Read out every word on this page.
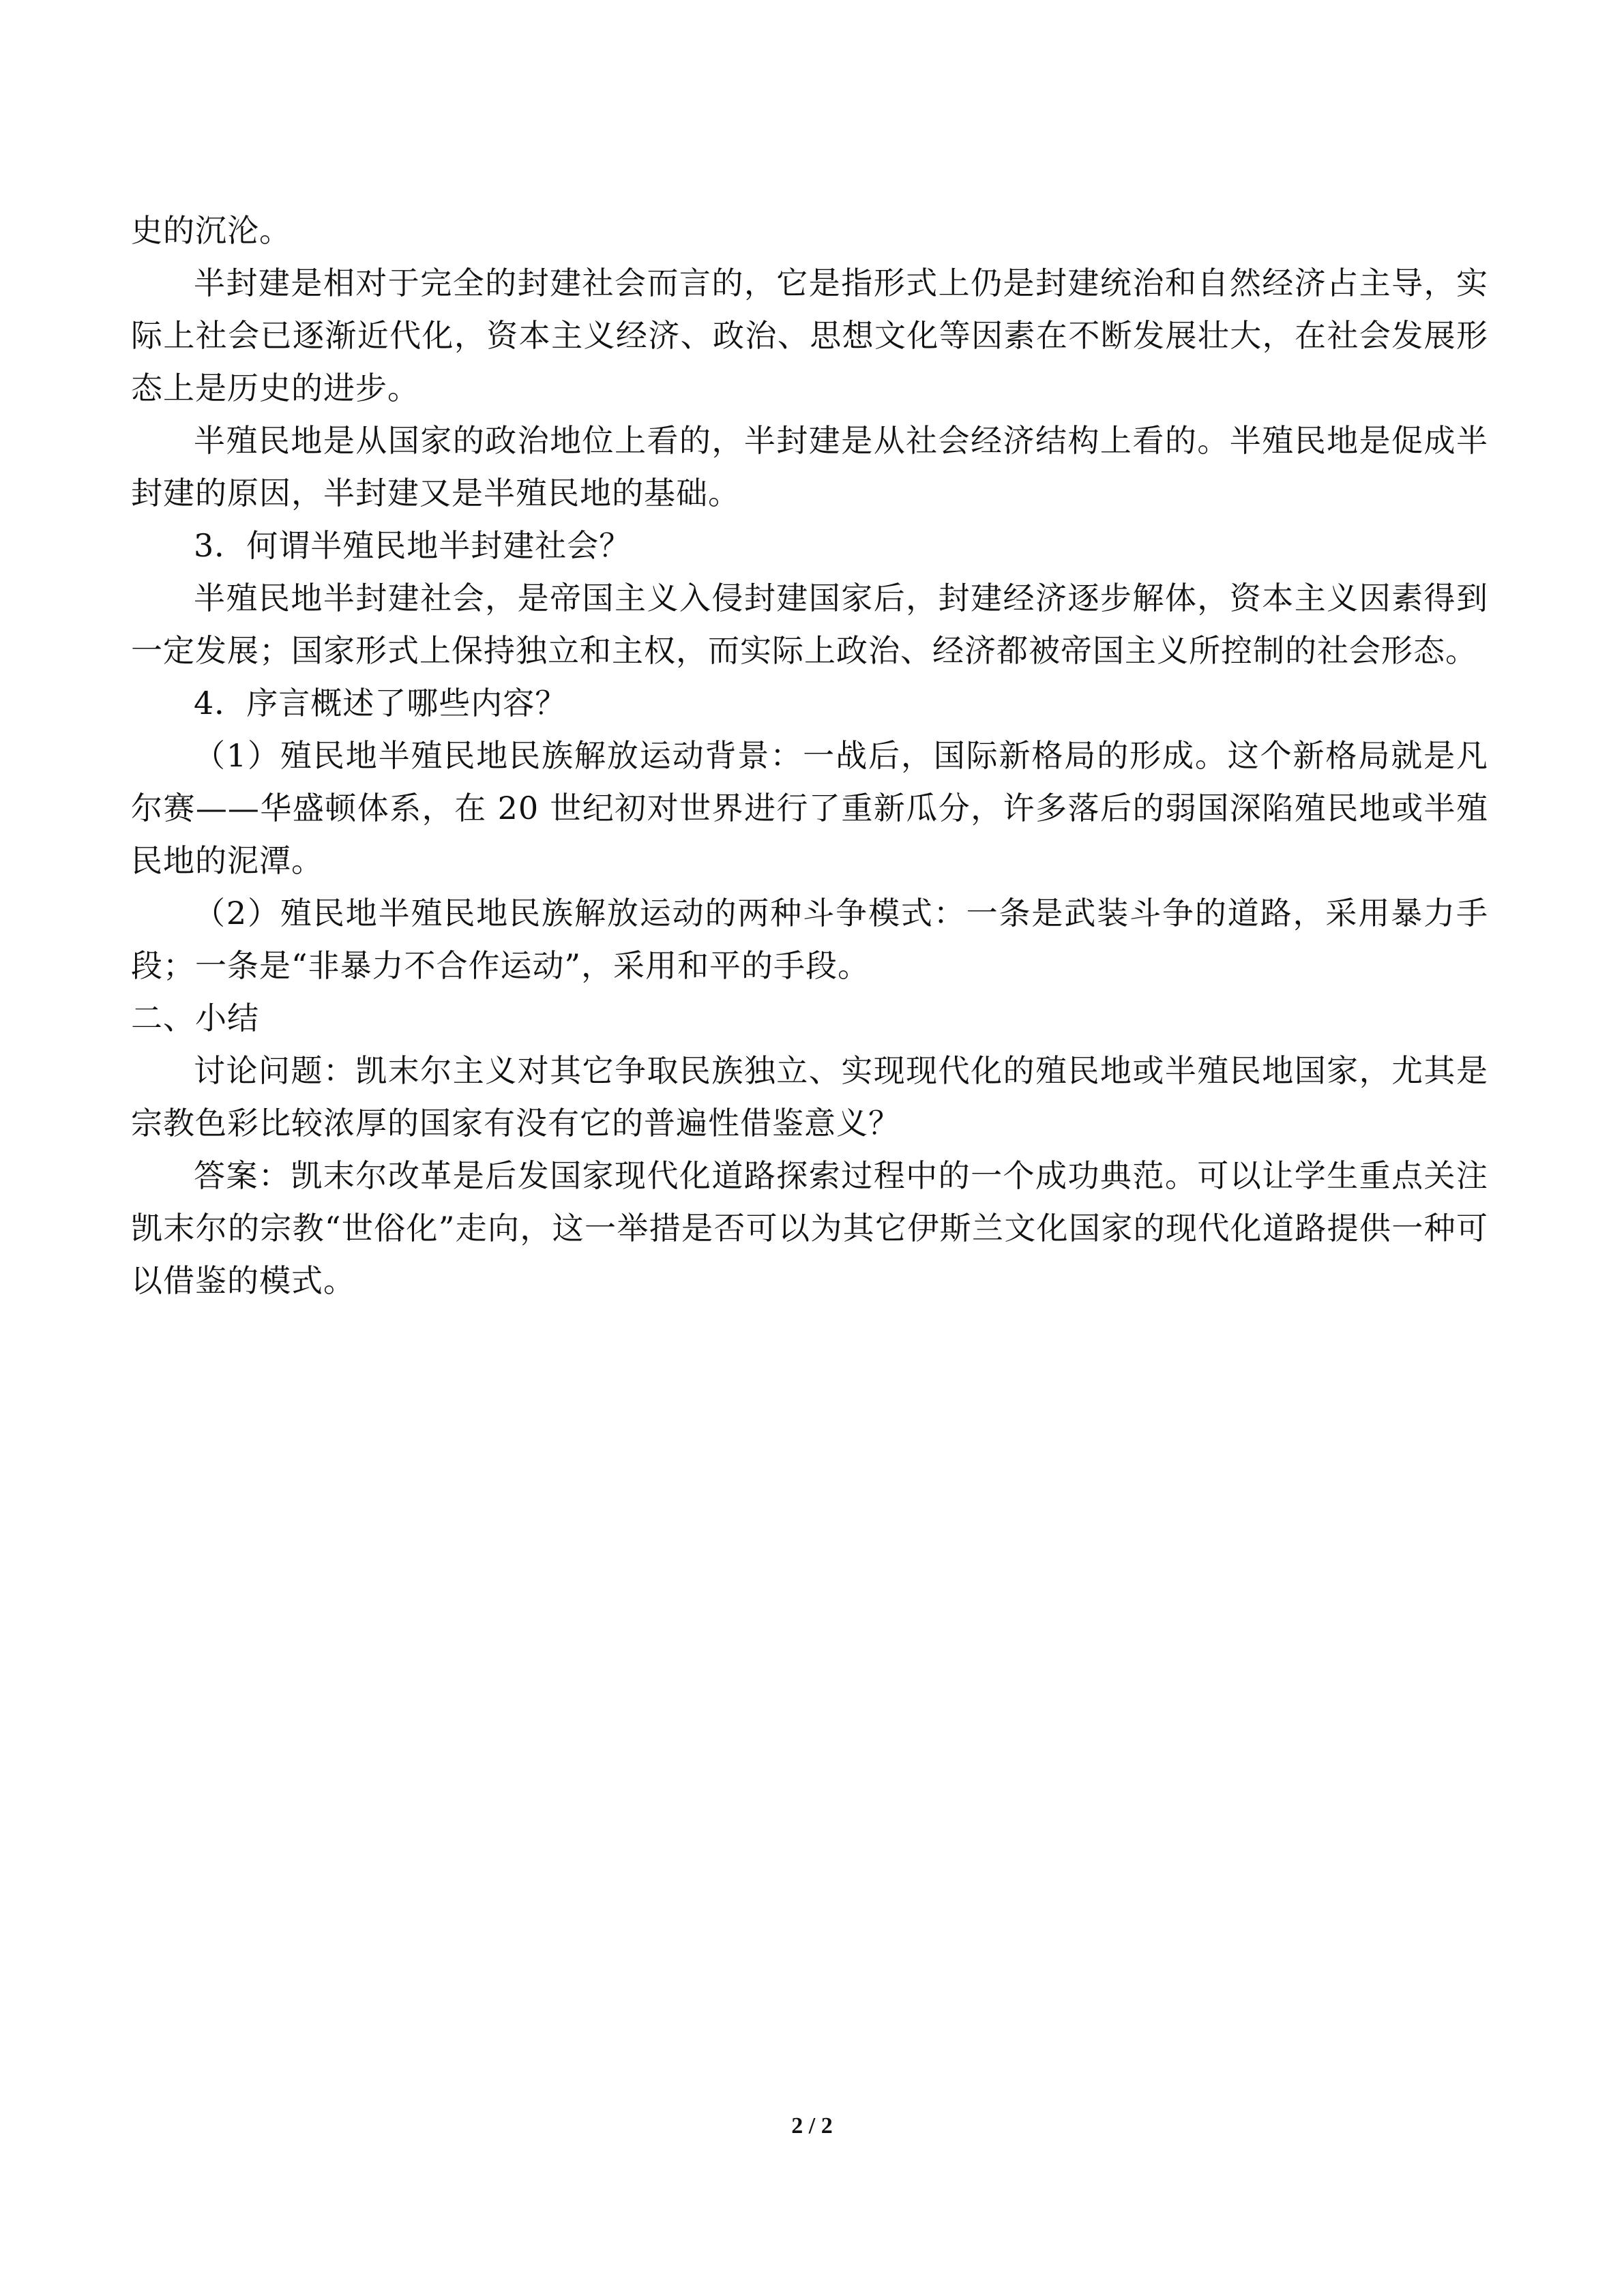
史的沉沦。

半封建是相对于完全的封建社会而言的，它是指形式上仍是封建统治和自然经济占主导，实际上社会已逐渐近代化，资本主义经济、政治、思想文化等因素在不断发展壮大，在社会发展形态上是历史的进步。

半殖民地是从国家的政治地位上看的，半封建是从社会经济结构上看的。半殖民地是促成半封建的原因，半封建又是半殖民地的基础。

3．何谓半殖民地半封建社会？

半殖民地半封建社会，是帝国主义入侵封建国家后，封建经济逐步解体，资本主义因素得到一定发展；国家形式上保持独立和主权，而实际上政治、经济都被帝国主义所控制的社会形态。

4．序言概述了哪些内容？

（1）殖民地半殖民地民族解放运动背景：一战后，国际新格局的形成。这个新格局就是凡尔赛——华盛顿体系，在 20 世纪初对世界进行了重新瓜分，许多落后的弱国深陷殖民地或半殖民地的泥潭。

（2）殖民地半殖民地民族解放运动的两种斗争模式：一条是武装斗争的道路，采用暴力手段；一条是“非暴力不合作运动”，采用和平的手段。

二、小结

讨论问题：凯末尔主义对其它争取民族独立、实现现代化的殖民地或半殖民地国家，尤其是宗教色彩比较浓厚的国家有没有它的普遍性借鉴意义？

答案：凯末尔改革是后发国家现代化道路探索过程中的一个成功典范。可以让学生重点关注凯末尔的宗教“世俗化”走向，这一举措是否可以为其它伊斯兰文化国家的现代化道路提供一种可以借鉴的模式。

2 / 2
